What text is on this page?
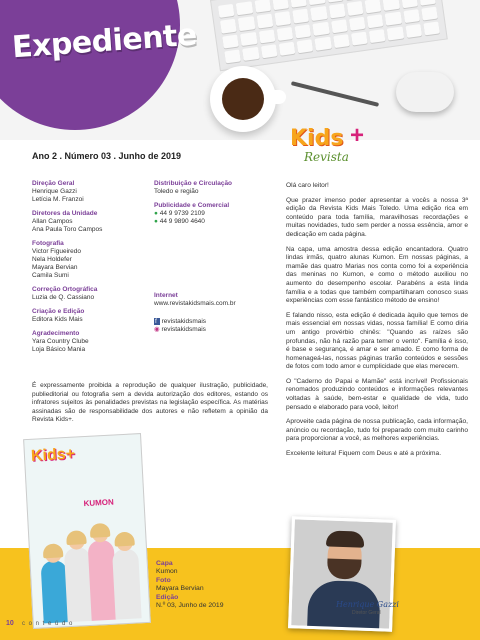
Expediente
Kids +
Revista
Ano 2 . Número 03 . Junho de 2019
Direção Geral
Henrique Gazzi
Letícia M. Franzoi
Diretores da Unidade
Allan Campos
Ana Paula Toro Campos
Fotografia
Victor Figueiredo
Nela Holdefer
Mayara Bervian
Camila Sumi
Correção Ortográfica
Luzia de Q. Cassiano
Criação e Edição
Editora Kids Mais
Agradecimento
Yara Country Clube
Loja Básico Mania
Distribuição e Circulação
Toledo e região
Publicidade e Comercial
● 44 9 9739 2109
● 44 9 9890 4640
Internet
www.revistakidsmais.com.br
f revistakidsmais
◉ revistakidsmais
É expressamente proibida a reprodução de qualquer ilustração, publicidade, publieditorial ou fotografia sem a devida autorização dos editores, estando os infratores sujeitos às penalidades previstas na legislação específica. As matérias assinadas são de responsabilidade dos autores e não refletem a opinião da Revista Kids+.

Olá caro leitor!

Que prazer imenso poder apresentar a vocês a nossa 3ª edição da Revista Kids Mais Toledo. Uma edição rica em conteúdo para toda família, maravilhosas recordações e muitas novidades, tudo sem perder a nossa essência, amor e dedicação em cada página.

Na capa, uma amostra dessa edição encantadora. Quatro lindas irmãs, quatro alunas Kumon. Em nossas páginas, a mamãe das quatro Marias nos conta como foi a experiência das meninas no Kumon, e como o método auxiliou no aumento do desempenho escolar. Parabéns a esta linda família e a todas que também compartilharam conosco suas experiências com esse fantástico método de ensino!

E falando nisso, esta edição é dedicada àquilo que temos de mais essencial em nossas vidas, nossa família! E como diria um antigo provérbio chinês: "Quando as raízes são profundas, não há razão para temer o vento". Família é isso, é base e segurança, é amar e ser amado. E como forma de homenageá-las, nossas páginas trarão conteúdos e sessões de fotos com todo amor e cumplicidade que elas merecem.

O "Caderno do Papai e Mamãe" está incrível! Profissionais renomados produzindo conteúdos e informações relevantes voltadas à saúde, bem-estar e qualidade de vida, tudo pensado e elaborado para você, leitor!

Aproveite cada página de nossa publicação, cada informação, anúncio ou recordação, tudo foi preparado com muito carinho para proporcionar a você, as melhores experiências.

Excelente leitura! Fiquem com Deus e até a próxima.

Kids+
KUMON
Capa
Kumon
Foto
Mayara Bervian
Edição
N.º 03, Junho de 2019	Henrique Gazzi
Diretor Geral
10 c o n t e ú d o
